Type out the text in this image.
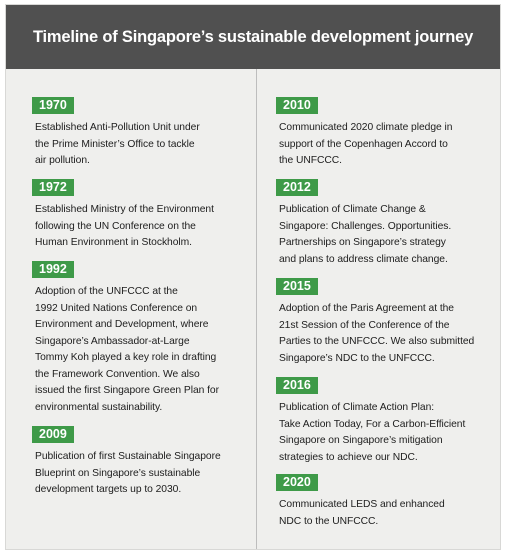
Timeline of Singapore’s sustainable development journey
1970
Established Anti-Pollution Unit under
the Prime Minister’s Office to tackle
air pollution.
1972
Established Ministry of the Environment
following the UN Conference on the
Human Environment in Stockholm.
1992
Adoption of the UNFCCC at the
1992 United Nations Conference on
Environment and Development, where
Singapore’s Ambassador-at-Large
Tommy Koh played a key role in drafting
the Framework Convention. We also
issued the first Singapore Green Plan for
environmental sustainability.
2009
Publication of first Sustainable Singapore
Blueprint on Singapore’s sustainable
development targets up to 2030.
2010
Communicated 2020 climate pledge in
support of the Copenhagen Accord to
the UNFCCC.
2012
Publication of Climate Change &
Singapore: Challenges. Opportunities.
Partnerships on Singapore’s strategy
and plans to address climate change.
2015
Adoption of the Paris Agreement at the
21st Session of the Conference of the
Parties to the UNFCCC. We also submitted
Singapore’s NDC to the UNFCCC.
2016
Publication of Climate Action Plan:
Take Action Today, For a Carbon-Efficient
Singapore on Singapore’s mitigation
strategies to achieve our NDC.
2020
Communicated LEDS and enhanced
NDC to the UNFCCC.
